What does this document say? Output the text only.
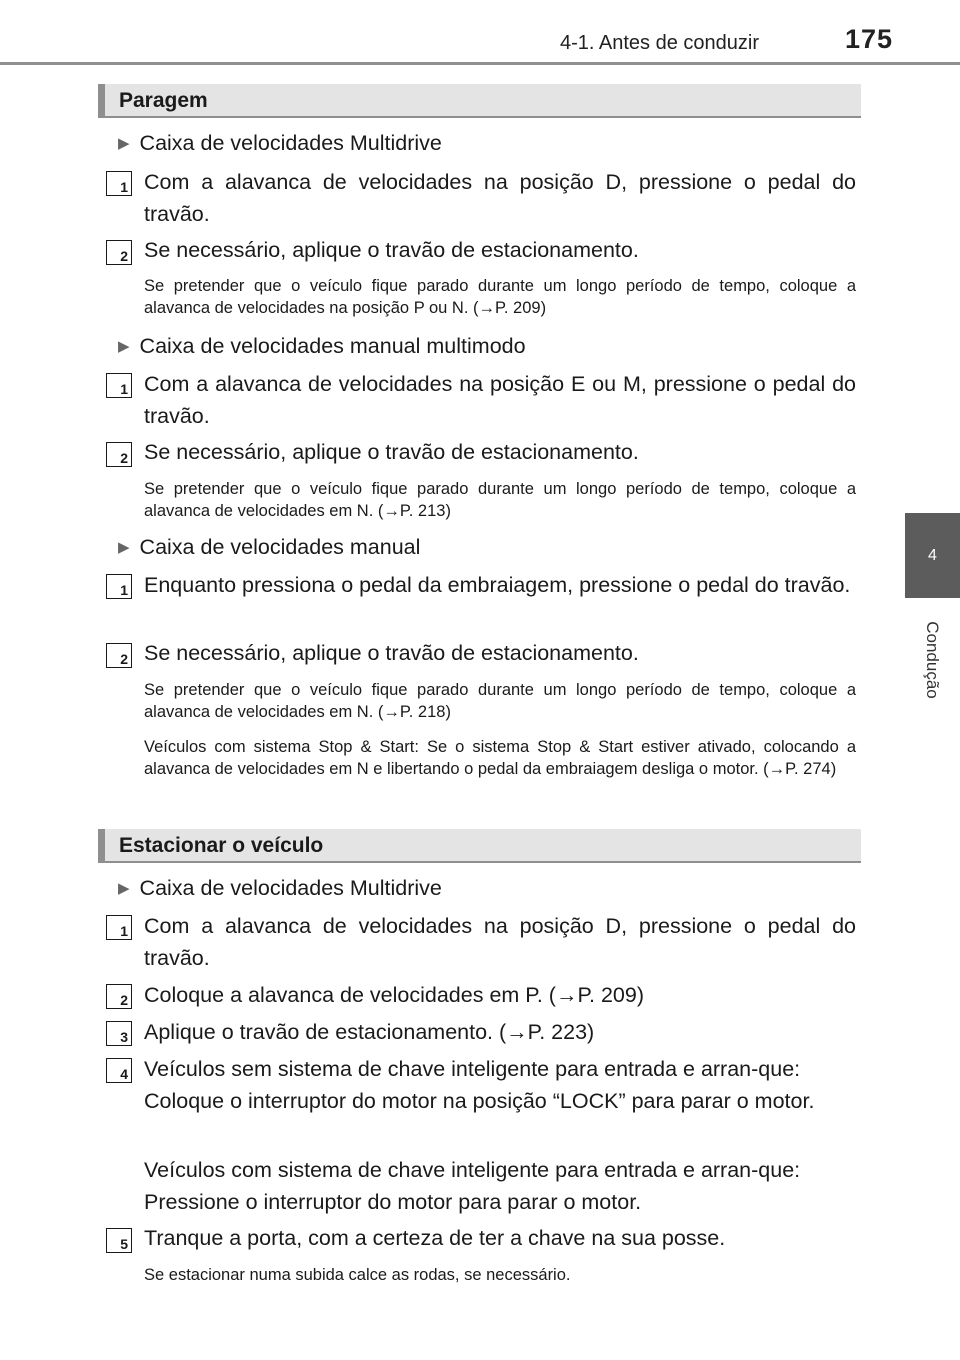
4-1. Antes de conduzir	175
4
Condução
Paragem
▶ Caixa de velocidades Multidrive
1 Com a alavanca de velocidades na posição D, pressione o pedal do travão.
2 Se necessário, aplique o travão de estacionamento.
Se pretender que o veículo fique parado durante um longo período de tempo, coloque a alavanca de velocidades na posição P ou N. (→P. 209)
▶ Caixa de velocidades manual multimodo
1 Com a alavanca de velocidades na posição E ou M, pressione o pedal do travão.
2 Se necessário, aplique o travão de estacionamento.
Se pretender que o veículo fique parado durante um longo período de tempo, coloque a alavanca de velocidades em N. (→P. 213)
▶ Caixa de velocidades manual
1 Enquanto pressiona o pedal da embraiagem, pressione o pedal do travão.
2 Se necessário, aplique o travão de estacionamento.
Se pretender que o veículo fique parado durante um longo período de tempo, coloque a alavanca de velocidades em N. (→P. 218)
Veículos com sistema Stop & Start: Se o sistema Stop & Start estiver ativado, colocando a alavanca de velocidades em N e libertando o pedal da embraiagem desliga o motor. (→P. 274)
Estacionar o veículo
▶ Caixa de velocidades Multidrive
1 Com a alavanca de velocidades na posição D, pressione o pedal do travão.
2 Coloque a alavanca de velocidades em P. (→P. 209)
3 Aplique o travão de estacionamento. (→P. 223)
4 Veículos sem sistema de chave inteligente para entrada e arran-que: Coloque o interruptor do motor na posição “LOCK” para parar o motor.
Veículos com sistema de chave inteligente para entrada e arran-que: Pressione o interruptor do motor para parar o motor.
5 Tranque a porta, com a certeza de ter a chave na sua posse.
Se estacionar numa subida calce as rodas, se necessário.
